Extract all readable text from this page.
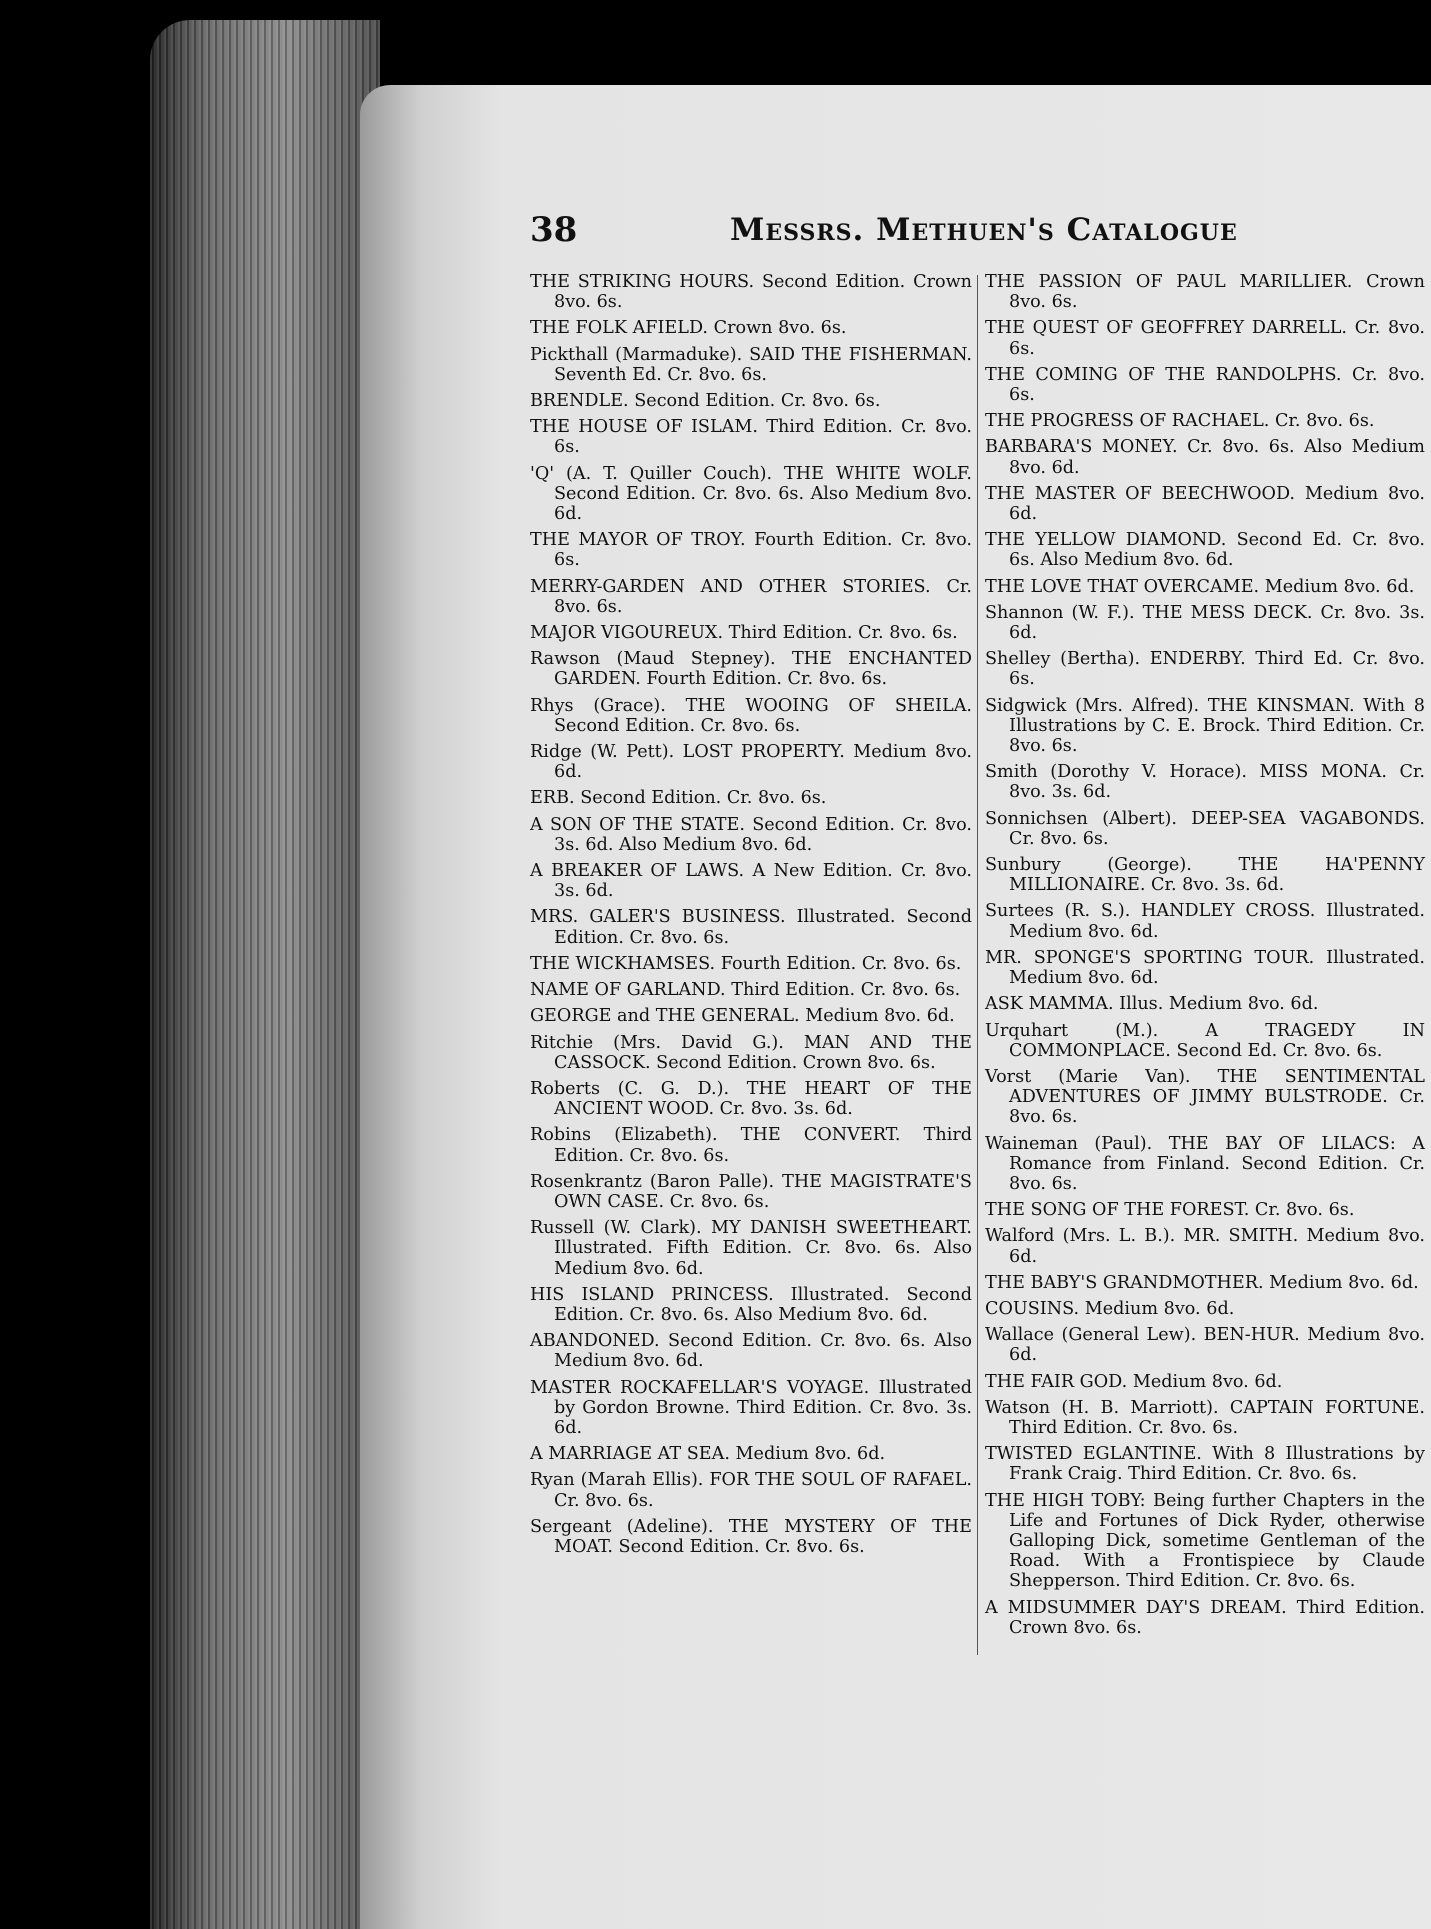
38	Messrs. Methuen's Catalogue

THE STRIKING HOURS. Second Edition. Crown 8vo. 6s.

THE FOLK AFIELD. Crown 8vo. 6s.

Pickthall (Marmaduke). SAID THE FISHERMAN. Seventh Ed. Cr. 8vo. 6s.

BRENDLE. Second Edition. Cr. 8vo. 6s.

THE HOUSE OF ISLAM. Third Edition. Cr. 8vo. 6s.

'Q' (A. T. Quiller Couch). THE WHITE WOLF. Second Edition. Cr. 8vo. 6s. Also Medium 8vo. 6d.

THE MAYOR OF TROY. Fourth Edition. Cr. 8vo. 6s.

MERRY-GARDEN AND OTHER STORIES. Cr. 8vo. 6s.

MAJOR VIGOUREUX. Third Edition. Cr. 8vo. 6s.

Rawson (Maud Stepney). THE ENCHANTED GARDEN. Fourth Edition. Cr. 8vo. 6s.

Rhys (Grace). THE WOOING OF SHEILA. Second Edition. Cr. 8vo. 6s.

Ridge (W. Pett). LOST PROPERTY. Medium 8vo. 6d.

ERB. Second Edition. Cr. 8vo. 6s.

A SON OF THE STATE. Second Edition. Cr. 8vo. 3s. 6d. Also Medium 8vo. 6d.

A BREAKER OF LAWS. A New Edition. Cr. 8vo. 3s. 6d.

MRS. GALER'S BUSINESS. Illustrated. Second Edition. Cr. 8vo. 6s.

THE WICKHAMSES. Fourth Edition. Cr. 8vo. 6s.

NAME OF GARLAND. Third Edition. Cr. 8vo. 6s.

GEORGE and THE GENERAL. Medium 8vo. 6d.

Ritchie (Mrs. David G.). MAN AND THE CASSOCK. Second Edition. Crown 8vo. 6s.

Roberts (C. G. D.). THE HEART OF THE ANCIENT WOOD. Cr. 8vo. 3s. 6d.

Robins (Elizabeth). THE CONVERT. Third Edition. Cr. 8vo. 6s.

Rosenkrantz (Baron Palle). THE MAGISTRATE'S OWN CASE. Cr. 8vo. 6s.

Russell (W. Clark). MY DANISH SWEETHEART. Illustrated. Fifth Edition. Cr. 8vo. 6s. Also Medium 8vo. 6d.

HIS ISLAND PRINCESS. Illustrated. Second Edition. Cr. 8vo. 6s. Also Medium 8vo. 6d.

ABANDONED. Second Edition. Cr. 8vo. 6s. Also Medium 8vo. 6d.

MASTER ROCKAFELLAR'S VOYAGE. Illustrated by Gordon Browne. Third Edition. Cr. 8vo. 3s. 6d.

A MARRIAGE AT SEA. Medium 8vo. 6d.

Ryan (Marah Ellis). FOR THE SOUL OF RAFAEL. Cr. 8vo. 6s.

Sergeant (Adeline). THE MYSTERY OF THE MOAT. Second Edition. Cr. 8vo. 6s.

THE PASSION OF PAUL MARILLIER. Crown 8vo. 6s.

THE QUEST OF GEOFFREY DARRELL. Cr. 8vo. 6s.

THE COMING OF THE RANDOLPHS. Cr. 8vo. 6s.

THE PROGRESS OF RACHAEL. Cr. 8vo. 6s.

BARBARA'S MONEY. Cr. 8vo. 6s. Also Medium 8vo. 6d.

THE MASTER OF BEECHWOOD. Medium 8vo. 6d.

THE YELLOW DIAMOND. Second Ed. Cr. 8vo. 6s. Also Medium 8vo. 6d.

THE LOVE THAT OVERCAME. Medium 8vo. 6d.

Shannon (W. F.). THE MESS DECK. Cr. 8vo. 3s. 6d.

Shelley (Bertha). ENDERBY. Third Ed. Cr. 8vo. 6s.

Sidgwick (Mrs. Alfred). THE KINSMAN. With 8 Illustrations by C. E. Brock. Third Edition. Cr. 8vo. 6s.

Smith (Dorothy V. Horace). MISS MONA. Cr. 8vo. 3s. 6d.

Sonnichsen (Albert). DEEP-SEA VAGABONDS. Cr. 8vo. 6s.

Sunbury (George). THE HA'PENNY MILLIONAIRE. Cr. 8vo. 3s. 6d.

Surtees (R. S.). HANDLEY CROSS. Illustrated. Medium 8vo. 6d.

MR. SPONGE'S SPORTING TOUR. Illustrated. Medium 8vo. 6d.

ASK MAMMA. Illus. Medium 8vo. 6d.

Urquhart (M.). A TRAGEDY IN COMMONPLACE. Second Ed. Cr. 8vo. 6s.

Vorst (Marie Van). THE SENTIMENTAL ADVENTURES OF JIMMY BULSTRODE. Cr. 8vo. 6s.

Waineman (Paul). THE BAY OF LILACS: A Romance from Finland. Second Edition. Cr. 8vo. 6s.

THE SONG OF THE FOREST. Cr. 8vo. 6s.

Walford (Mrs. L. B.). MR. SMITH. Medium 8vo. 6d.

THE BABY'S GRANDMOTHER. Medium 8vo. 6d.

COUSINS. Medium 8vo. 6d.

Wallace (General Lew). BEN-HUR. Medium 8vo. 6d.

THE FAIR GOD. Medium 8vo. 6d.

Watson (H. B. Marriott). CAPTAIN FORTUNE. Third Edition. Cr. 8vo. 6s.

TWISTED EGLANTINE. With 8 Illustrations by Frank Craig. Third Edition. Cr. 8vo. 6s.

THE HIGH TOBY: Being further Chapters in the Life and Fortunes of Dick Ryder, otherwise Galloping Dick, sometime Gentleman of the Road. With a Frontispiece by Claude Shepperson. Third Edition. Cr. 8vo. 6s.

A MIDSUMMER DAY'S DREAM. Third Edition. Crown 8vo. 6s.
